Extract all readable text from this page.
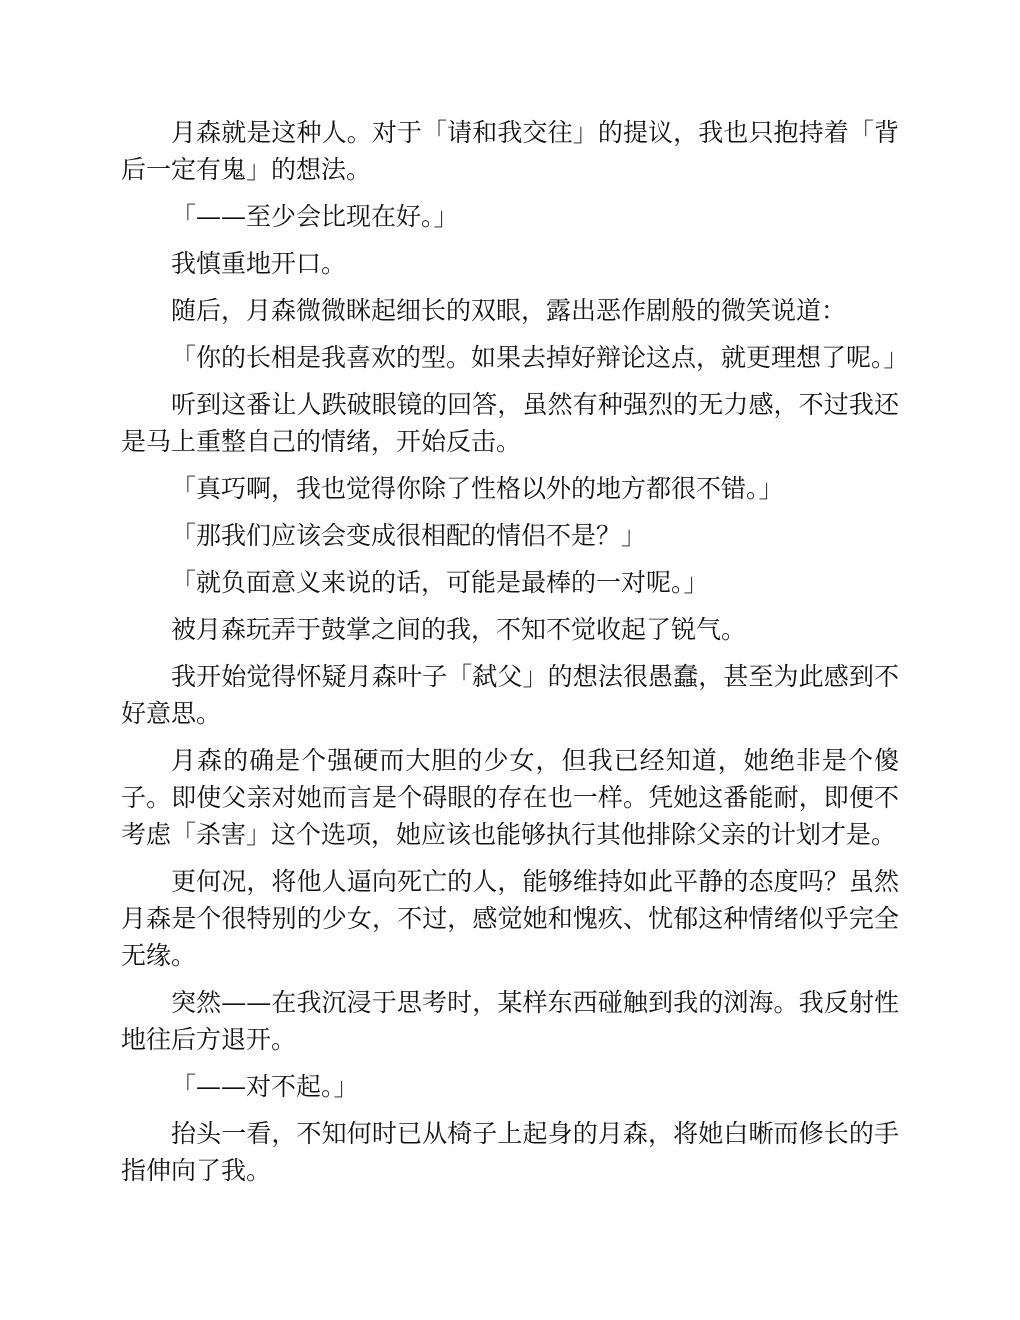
月森就是这种人。对于「请和我交往」的提议，我也只抱持着「背后一定有鬼」的想法。

「——至少会比现在好。」

我慎重地开口。

随后，月森微微眯起细长的双眼，露出恶作剧般的微笑说道：

「你的长相是我喜欢的型。如果去掉好辩论这点，就更理想了呢。」

听到这番让人跌破眼镜的回答，虽然有种强烈的无力感，不过我还是马上重整自己的情绪，开始反击。

「真巧啊，我也觉得你除了性格以外的地方都很不错。」

「那我们应该会变成很相配的情侣不是？」

「就负面意义来说的话，可能是最棒的一对呢。」

被月森玩弄于鼓掌之间的我，不知不觉收起了锐气。

我开始觉得怀疑月森叶子「弑父」的想法很愚蠢，甚至为此感到不好意思。

月森的确是个强硬而大胆的少女，但我已经知道，她绝非是个傻子。即使父亲对她而言是个碍眼的存在也一样。凭她这番能耐，即便不考虑「杀害」这个选项，她应该也能够执行其他排除父亲的计划才是。

更何况，将他人逼向死亡的人，能够维持如此平静的态度吗？虽然月森是个很特别的少女，不过，感觉她和愧疚、忧郁这种情绪似乎完全无缘。

突然——在我沉浸于思考时，某样东西碰触到我的浏海。我反射性地往后方退开。

「——对不起。」

抬头一看，不知何时已从椅子上起身的月森，将她白晰而修长的手指伸向了我。
